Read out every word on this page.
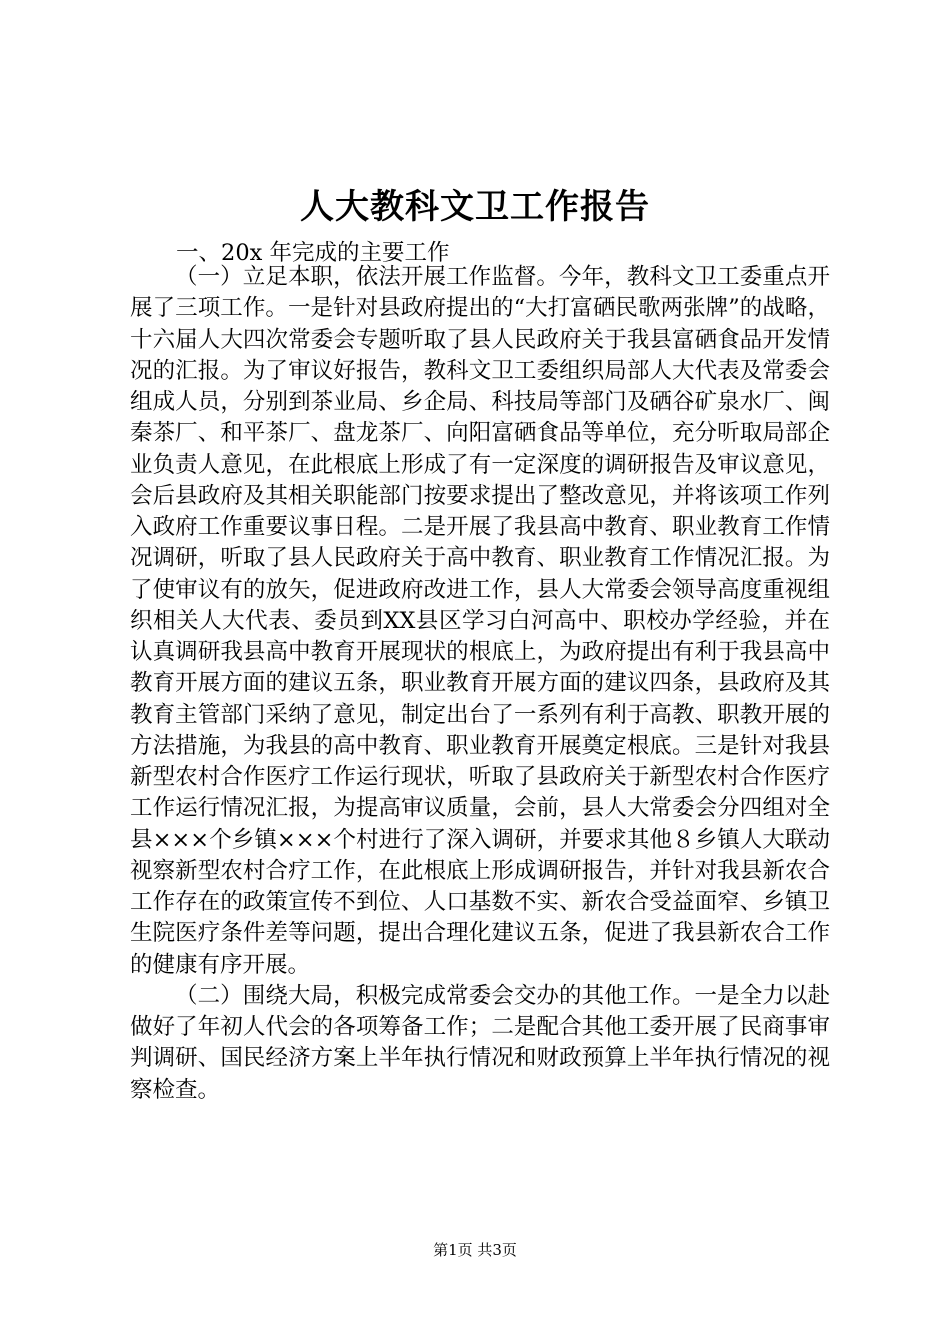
人大教科文卫工作报告
一、20x 年完成的主要工作

（一）立足本职，依法开展工作监督。今年，教科文卫工委重点开展了三项工作。一是针对县政府提出的“大打富硒民歌两张牌”的战略，十六届人大四次常委会专题听取了县人民政府关于我县富硒食品开发情况的汇报。为了审议好报告，教科文卫工委组织局部人大代表及常委会组成人员，分别到茶业局、乡企局、科技局等部门及硒谷矿泉水厂、闽秦茶厂、和平茶厂、盘龙茶厂、向阳富硒食品等单位，充分听取局部企业负责人意见，在此根底上形成了有一定深度的调研报告及审议意见，会后县政府及其相关职能部门按要求提出了整改意见，并将该项工作列入政府工作重要议事日程。二是开展了我县高中教育、职业教育工作情况调研，听取了县人民政府关于高中教育、职业教育工作情况汇报。为了使审议有的放矢，促进政府改进工作，县人大常委会领导高度重视组织相关人大代表、委员到XX县区学习白河高中、职校办学经验，并在认真调研我县高中教育开展现状的根底上，为政府提出有利于我县高中教育开展方面的建议五条，职业教育开展方面的建议四条，县政府及其教育主管部门采纳了意见，制定出台了一系列有利于高教、职教开展的方法措施，为我县的高中教育、职业教育开展奠定根底。三是针对我县新型农村合作医疗工作运行现状，听取了县政府关于新型农村合作医疗工作运行情况汇报，为提高审议质量，会前，县人大常委会分四组对全县×××个乡镇×××个村进行了深入调研，并要求其他８乡镇人大联动视察新型农村合疗工作，在此根底上形成调研报告，并针对我县新农合工作存在的政策宣传不到位、人口基数不实、新农合受益面窄、乡镇卫生院医疗条件差等问题，提出合理化建议五条，促进了我县新农合工作的健康有序开展。

（二）围绕大局，积极完成常委会交办的其他工作。一是全力以赴做好了年初人代会的各项筹备工作；二是配合其他工委开展了民商事审判调研、国民经济方案上半年执行情况和财政预算上半年执行情况的视察检查。

第1页 共3页
